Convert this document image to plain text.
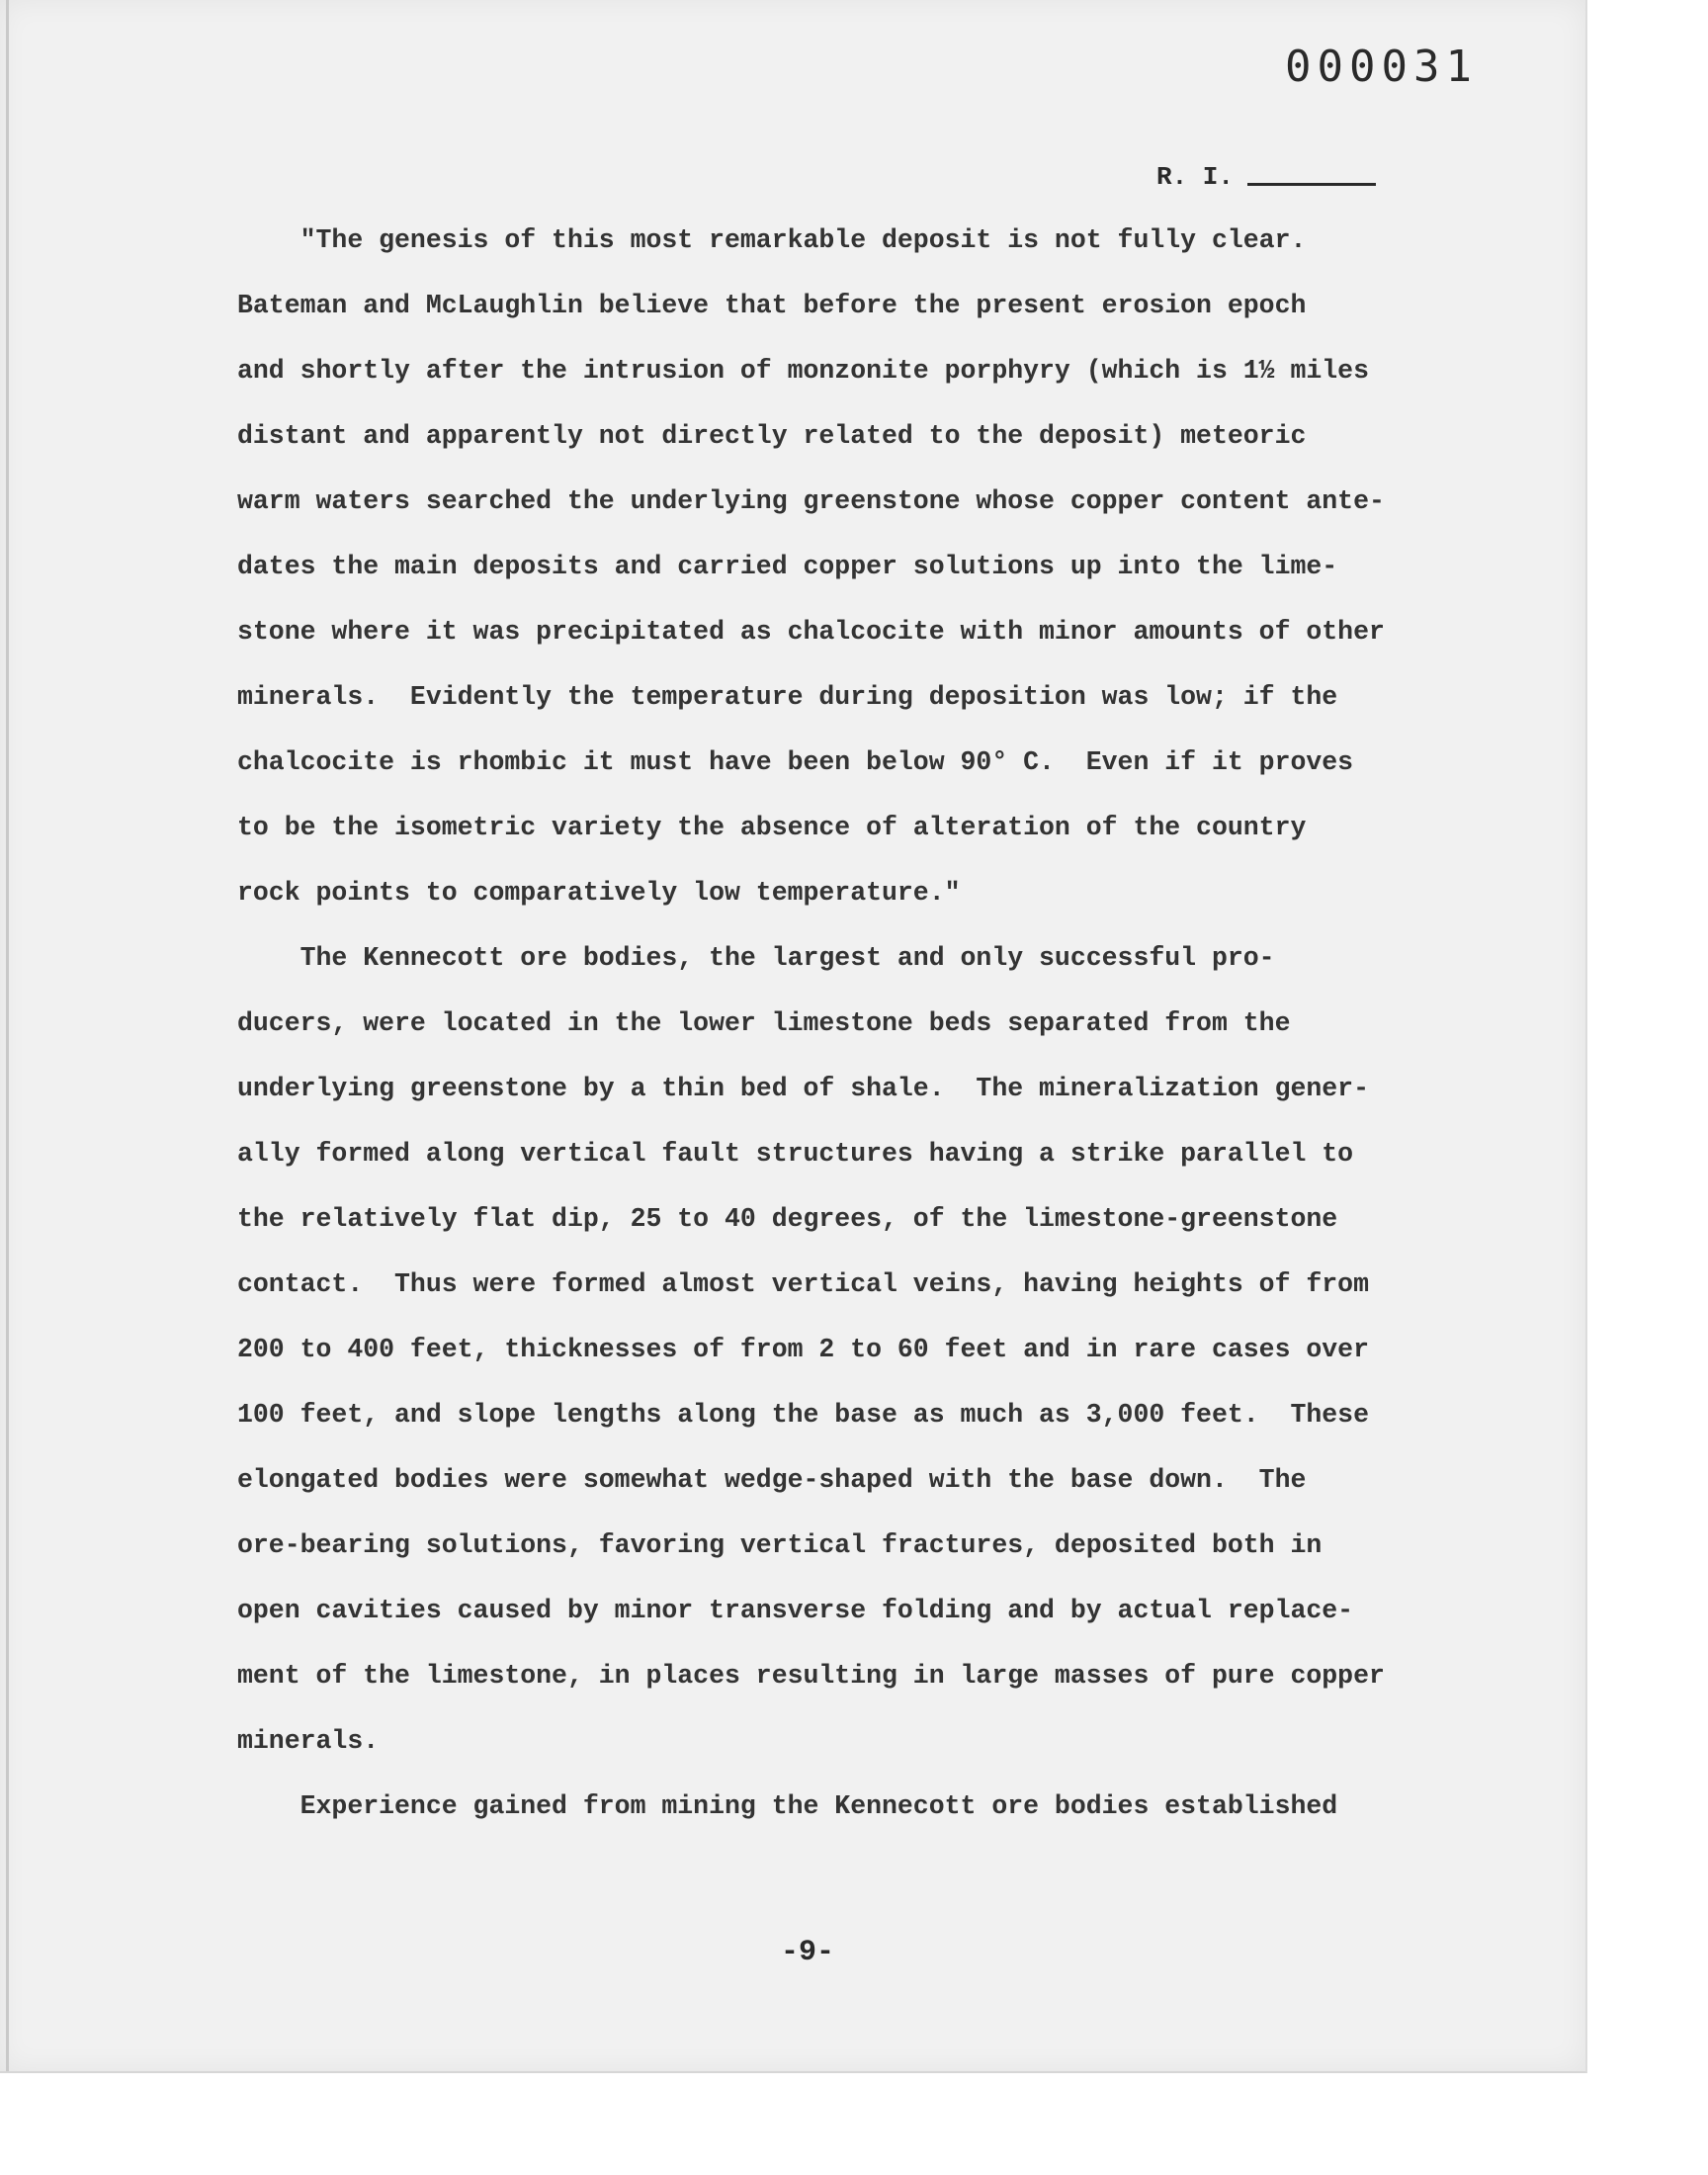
000031
R. I.
"The genesis of this most remarkable deposit is not fully clear.
Bateman and McLaughlin believe that before the present erosion epoch
and shortly after the intrusion of monzonite porphyry (which is 1½ miles
distant and apparently not directly related to the deposit) meteoric
warm waters searched the underlying greenstone whose copper content ante-
dates the main deposits and carried copper solutions up into the lime-
stone where it was precipitated as chalcocite with minor amounts of other
minerals.  Evidently the temperature during deposition was low; if the
chalcocite is rhombic it must have been below 90° C.  Even if it proves
to be the isometric variety the absence of alteration of the country
rock points to comparatively low temperature."
The Kennecott ore bodies, the largest and only successful pro-
ducers, were located in the lower limestone beds separated from the
underlying greenstone by a thin bed of shale.  The mineralization gener-
ally formed along vertical fault structures having a strike parallel to
the relatively flat dip, 25 to 40 degrees, of the limestone-greenstone
contact.  Thus were formed almost vertical veins, having heights of from
200 to 400 feet, thicknesses of from 2 to 60 feet and in rare cases over
100 feet, and slope lengths along the base as much as 3,000 feet.  These
elongated bodies were somewhat wedge-shaped with the base down.  The
ore-bearing solutions, favoring vertical fractures, deposited both in
open cavities caused by minor transverse folding and by actual replace-
ment of the limestone, in places resulting in large masses of pure copper
minerals.
Experience gained from mining the Kennecott ore bodies established
-9-
